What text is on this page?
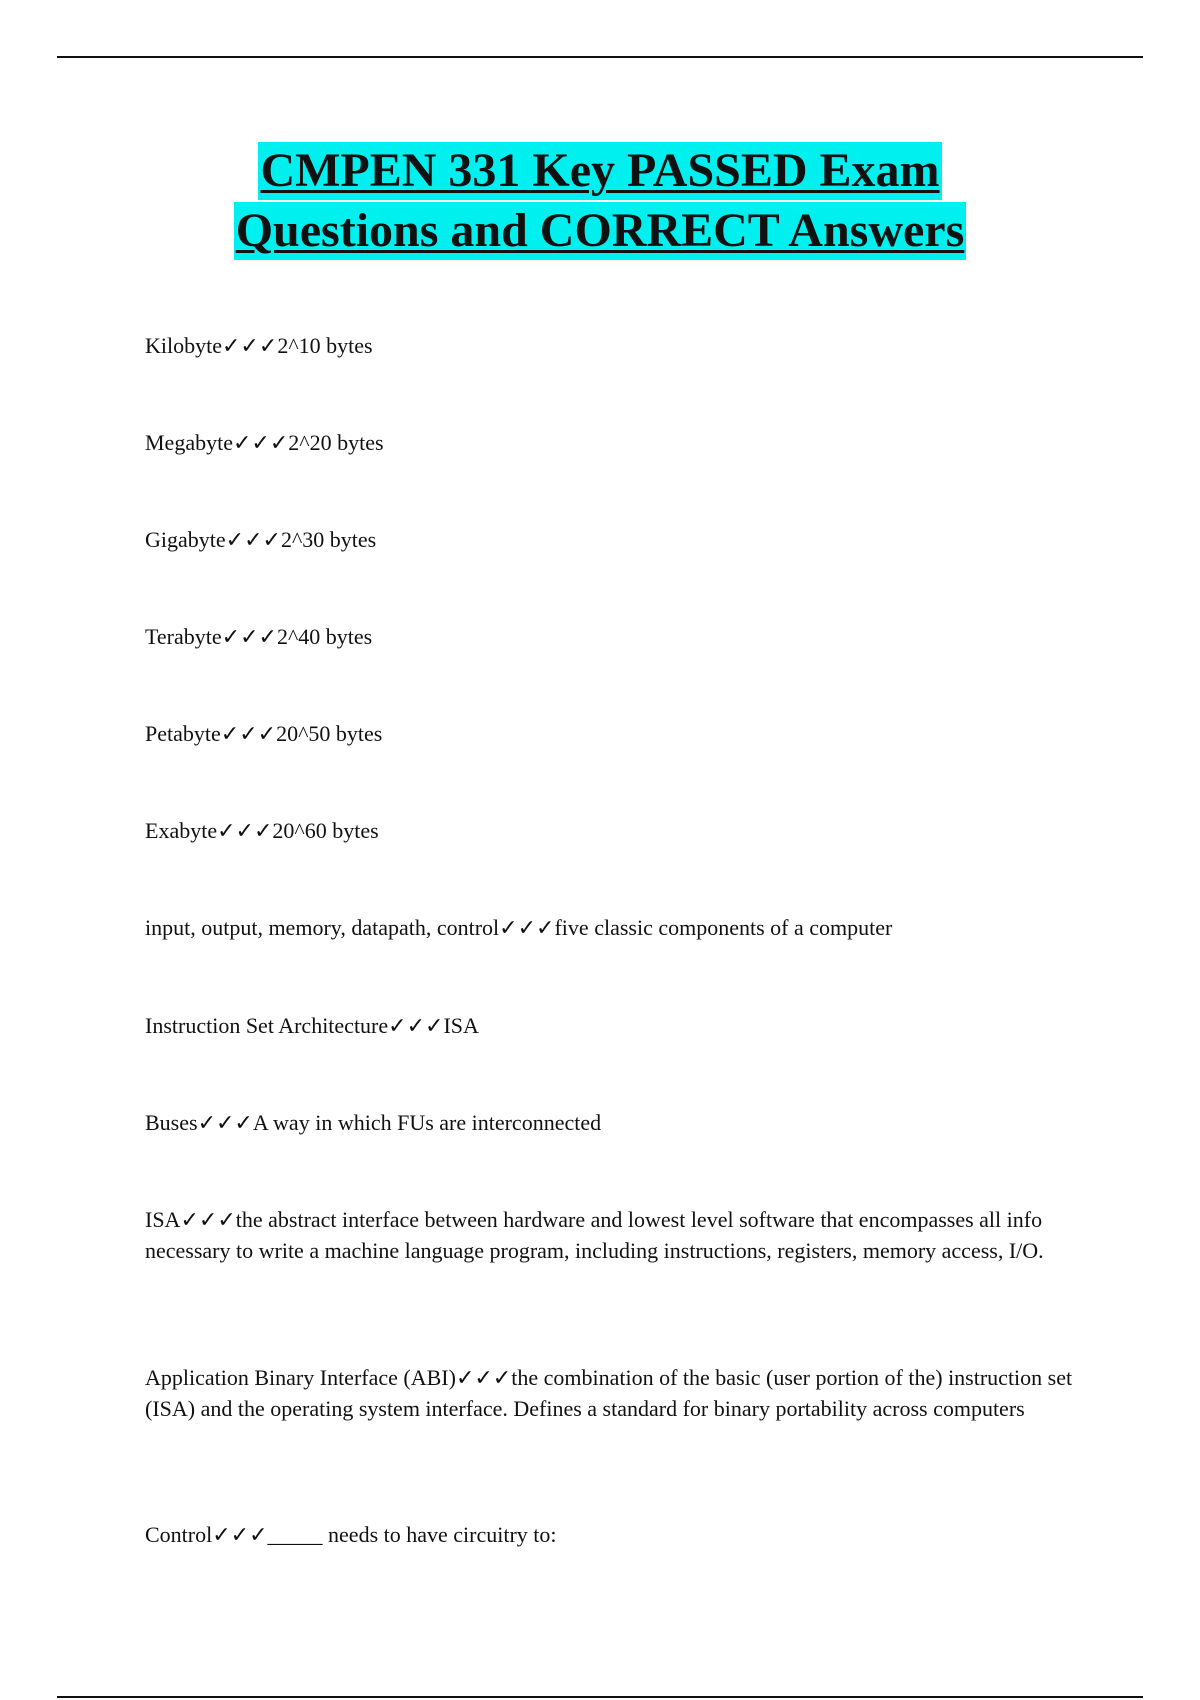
CMPEN 331 Key PASSED Exam
Questions and CORRECT Answers

Kilobyte✓✓✓2^10 bytes

Megabyte✓✓✓2^20 bytes

Gigabyte✓✓✓2^30 bytes

Terabyte✓✓✓2^40 bytes

Petabyte✓✓✓20^50 bytes

Exabyte✓✓✓20^60 bytes

input, output, memory, datapath, control✓✓✓five classic components of a computer

Instruction Set Architecture✓✓✓ISA

Buses✓✓✓A way in which FUs are interconnected

ISA✓✓✓the abstract interface between hardware and lowest level software that encompasses all info necessary to write a machine language program, including instructions, registers, memory access, I/O.

Application Binary Interface (ABI)✓✓✓the combination of the basic (user portion of the) instruction set (ISA) and the operating system interface. Defines a standard for binary portability across computers

Control✓✓✓_____ needs to have circuitry to:
